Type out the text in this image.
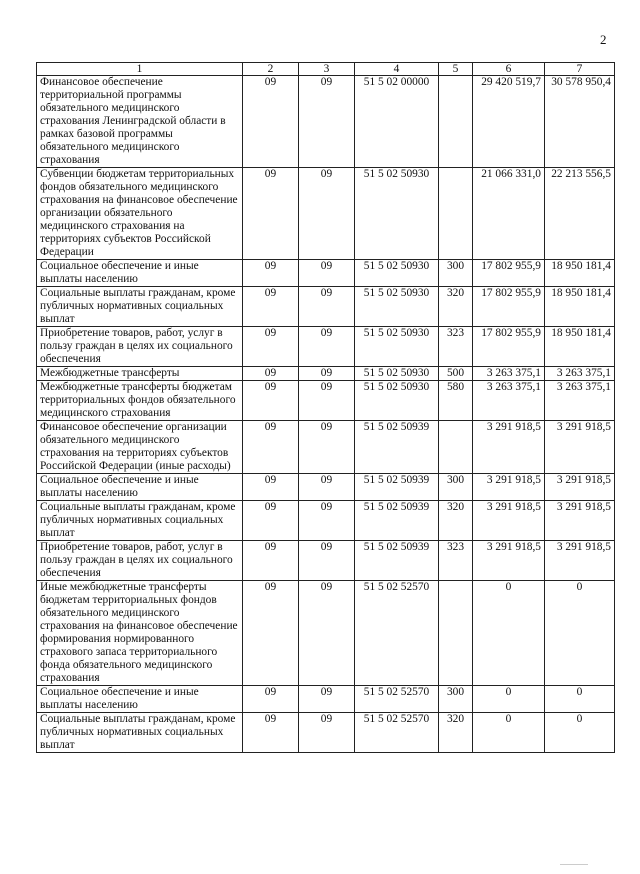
2
1	2	3	4	5	6	7
Финансовое обеспечение территориальной программы обязательного медицинского страхования Ленинградской области в рамках базовой программы обязательного медицинского страхования	09	09	51 5 02 00000		29 420 519,7	30 578 950,4
Субвенции бюджетам территориальных фондов обязательного медицинского страхования на финансовое обеспечение организации обязательного медицинского страхования на территориях субъектов Российской Федерации	09	09	51 5 02 50930		21 066 331,0	22 213 556,5
Социальное обеспечение и иные выплаты населению	09	09	51 5 02 50930	300	17 802 955,9	18 950 181,4
Социальные выплаты гражданам, кроме публичных нормативных социальных выплат	09	09	51 5 02 50930	320	17 802 955,9	18 950 181,4
Приобретение товаров, работ, услуг в пользу граждан в целях их социального обеспечения	09	09	51 5 02 50930	323	17 802 955,9	18 950 181,4
Межбюджетные трансферты	09	09	51 5 02 50930	500	3 263 375,1	3 263 375,1
Межбюджетные трансферты бюджетам территориальных фондов обязательного медицинского страхования	09	09	51 5 02 50930	580	3 263 375,1	3 263 375,1
Финансовое обеспечение организации обязательного медицинского страхования на территориях субъектов Российской Федерации (иные расходы)	09	09	51 5 02 50939		3 291 918,5	3 291 918,5
Социальное обеспечение и иные выплаты населению	09	09	51 5 02 50939	300	3 291 918,5	3 291 918,5
Социальные выплаты гражданам, кроме публичных нормативных социальных выплат	09	09	51 5 02 50939	320	3 291 918,5	3 291 918,5
Приобретение товаров, работ, услуг в пользу граждан в целях их социального обеспечения	09	09	51 5 02 50939	323	3 291 918,5	3 291 918,5
Иные межбюджетные трансферты бюджетам территориальных фондов обязательного медицинского страхования на финансовое обеспечение формирования нормированного страхового запаса территориального фонда обязательного медицинского страхования	09	09	51 5 02 52570		0	0
Социальное обеспечение и иные выплаты населению	09	09	51 5 02 52570	300	0	0
Социальные выплаты гражданам, кроме публичных нормативных социальных выплат	09	09	51 5 02 52570	320	0	0
